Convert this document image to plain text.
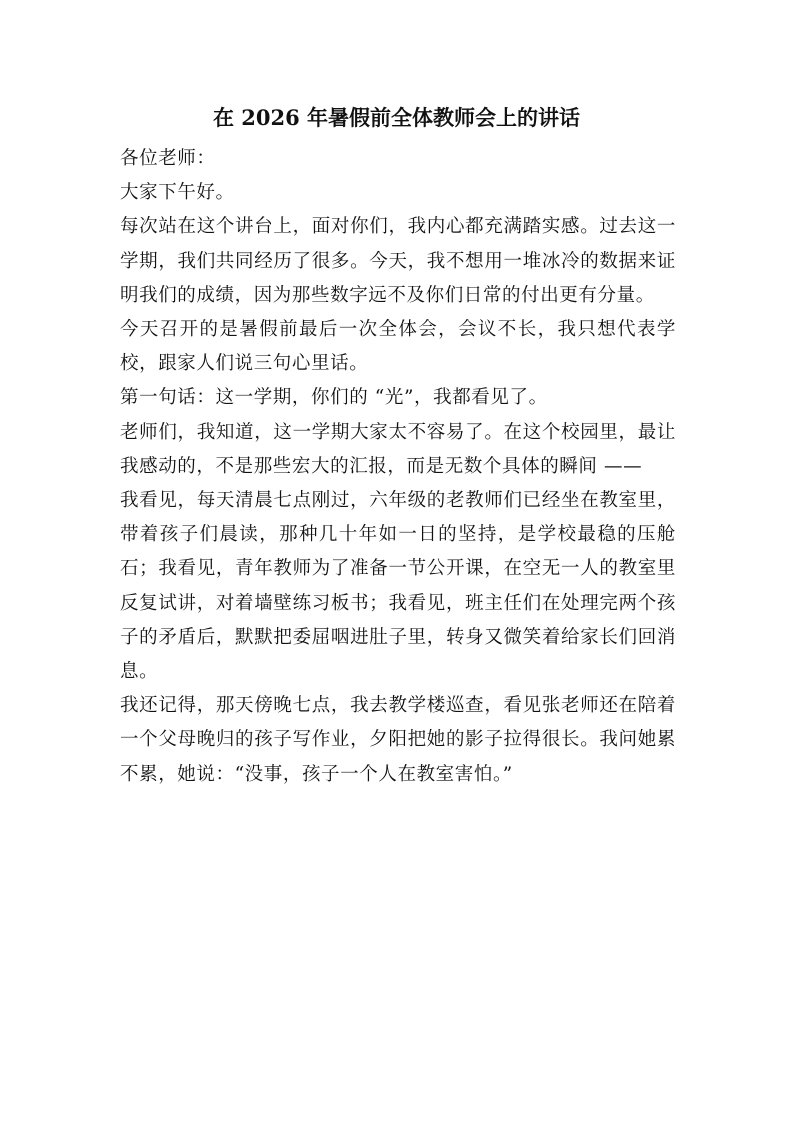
在 2026 年暑假前全体教师会上的讲话

各位老师：

大家下午好。

每次站在这个讲台上，面对你们，我内心都充满踏实感。过去这一学期，我们共同经历了很多。今天，我不想用一堆冰冷的数据来证明我们的成绩，因为那些数字远不及你们日常的付出更有分量。

今天召开的是暑假前最后一次全体会，会议不长，我只想代表学校，跟家人们说三句心里话。

第一句话：这一学期，你们的 “光”，我都看见了。

老师们，我知道，这一学期大家太不容易了。在这个校园里，最让我感动的，不是那些宏大的汇报，而是无数个具体的瞬间 ——

我看见，每天清晨七点刚过，六年级的老教师们已经坐在教室里，带着孩子们晨读，那种几十年如一日的坚持，是学校最稳的压舱石；我看见，青年教师为了准备一节公开课，在空无一人的教室里反复试讲，对着墙壁练习板书；我看见，班主任们在处理完两个孩子的矛盾后，默默把委屈咽进肚子里，转身又微笑着给家长们回消息。

我还记得，那天傍晚七点，我去教学楼巡查，看见张老师还在陪着一个父母晚归的孩子写作业，夕阳把她的影子拉得很长。我问她累不累，她说：“没事，孩子一个人在教室害怕。”
